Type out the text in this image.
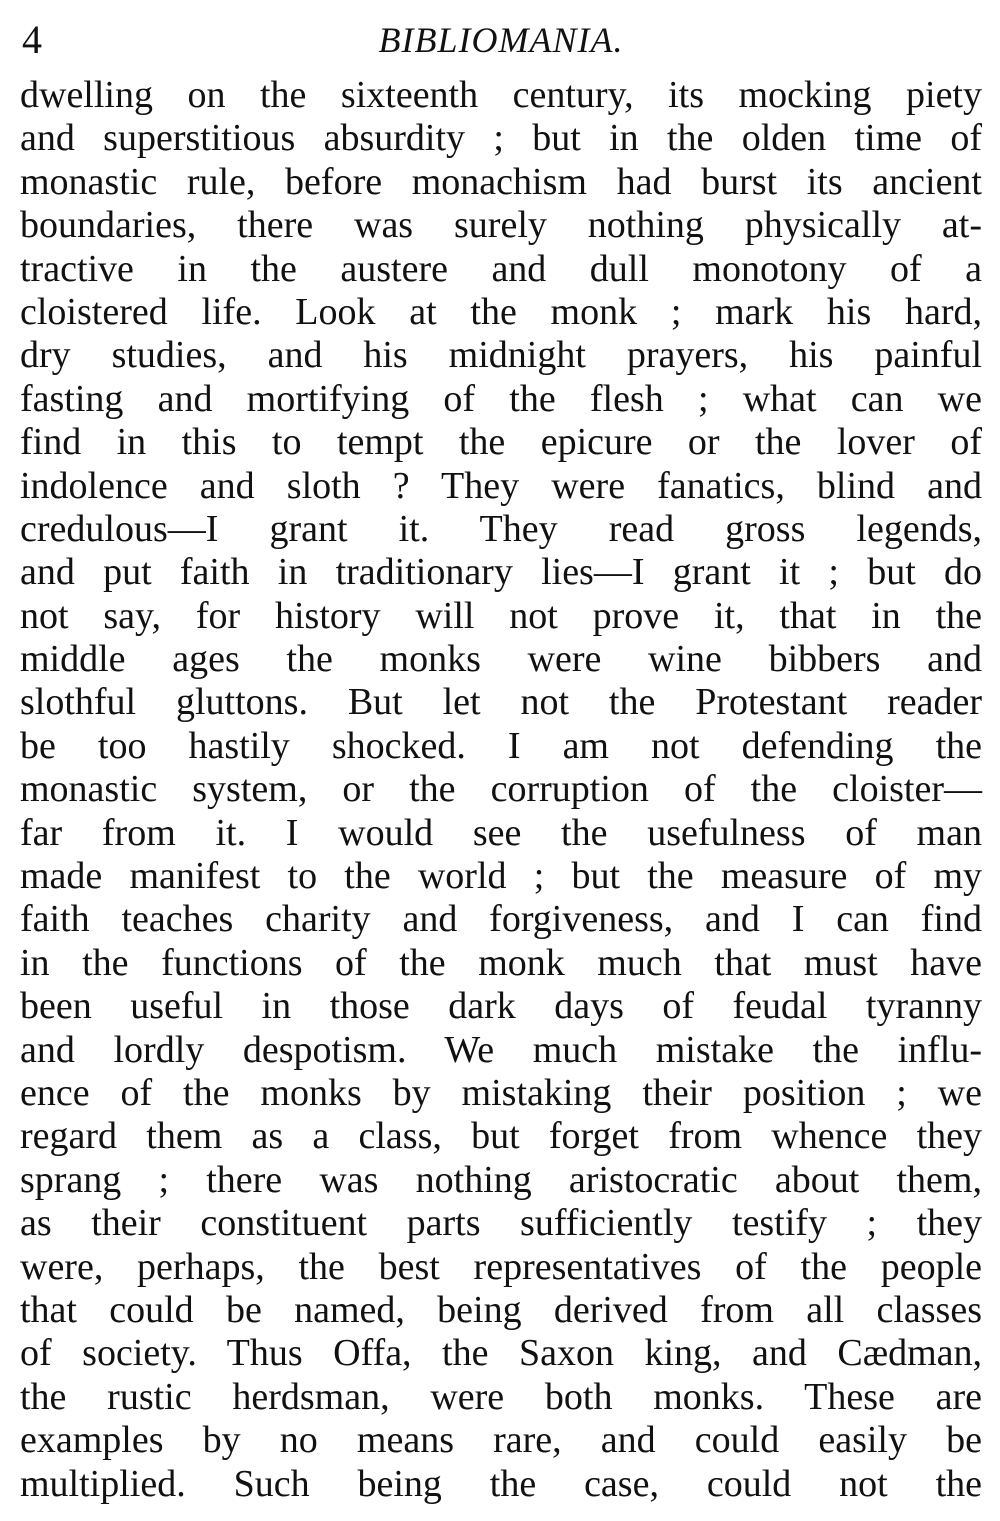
4	BIBLIOMANIA.
dwelling on the sixteenth century, its mocking piety
and superstitious absurdity ; but in the olden time of
monastic rule, before monachism had burst its ancient
boundaries, there was surely nothing physically at-
tractive in the austere and dull monotony of a
cloistered life. Look at the monk ; mark his hard,
dry studies, and his midnight prayers, his painful
fasting and mortifying of the flesh ; what can we
find in this to tempt the epicure or the lover of
indolence and sloth ? They were fanatics, blind and
credulous—I grant it. They read gross legends,
and put faith in traditionary lies—I grant it ; but do
not say, for history will not prove it, that in the
middle ages the monks were wine bibbers and
slothful gluttons. But let not the Protestant reader
be too hastily shocked. I am not defending the
monastic system, or the corruption of the cloister—
far from it. I would see the usefulness of man
made manifest to the world ; but the measure of my
faith teaches charity and forgiveness, and I can find
in the functions of the monk much that must have
been useful in those dark days of feudal tyranny
and lordly despotism. We much mistake the influ-
ence of the monks by mistaking their position ; we
regard them as a class, but forget from whence they
sprang ; there was nothing aristocratic about them,
as their constituent parts sufficiently testify ; they
were, perhaps, the best representatives of the people
that could be named, being derived from all classes
of society. Thus Offa, the Saxon king, and Cædman,
the rustic herdsman, were both monks. These are
examples by no means rare, and could easily be
multiplied. Such being the case, could not the
